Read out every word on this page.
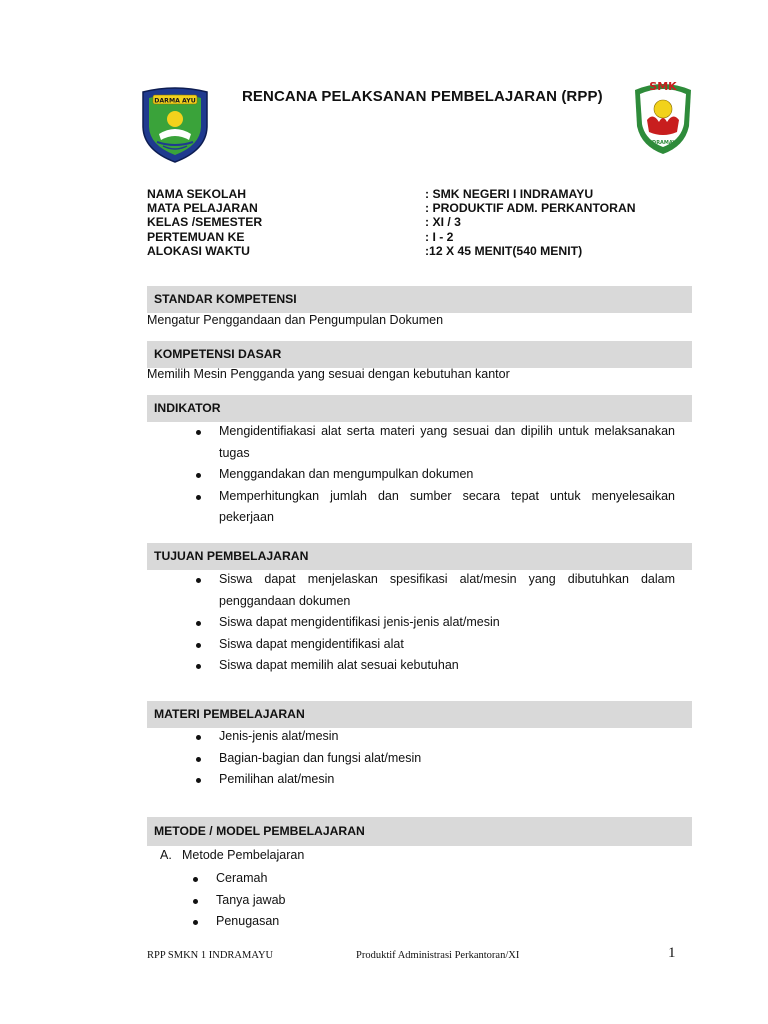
DARMA AYU	RENCANA PELAKSANAN PEMBELAJARAN (RPP)
SMK
INDRAMAYU
NAMA SEKOLAH	: SMK NEGERI I INDRAMAYU
MATA PELAJARAN	: PRODUKTIF ADM. PERKANTORAN
KELAS /SEMESTER	: XI / 3
PERTEMUAN KE	: I - 2
ALOKASI WAKTU	:12 X 45 MENIT(540 MENIT)
STANDAR KOMPETENSI
Mengatur Penggandaan dan Pengumpulan Dokumen
KOMPETENSI DASAR
Memilih Mesin Pengganda yang sesuai dengan kebutuhan kantor
INDIKATOR
Mengidentifiakasi alat serta materi yang sesuai dan dipilih untuk melaksanakan tugas
Menggandakan dan mengumpulkan dokumen
Memperhitungkan jumlah dan sumber secara tepat untuk menyelesaikan pekerjaan
TUJUAN PEMBELAJARAN
Siswa dapat menjelaskan spesifikasi alat/mesin yang dibutuhkan dalam penggandaan dokumen
Siswa dapat mengidentifikasi jenis-jenis alat/mesin
Siswa dapat mengidentifikasi alat
Siswa dapat memilih alat sesuai kebutuhan
MATERI PEMBELAJARAN
Jenis-jenis alat/mesin
Bagian-bagian dan fungsi alat/mesin
Pemilihan alat/mesin
METODE / MODEL PEMBELAJARAN
A. Metode Pembelajaran
Ceramah
Tanya jawab
Penugasan
RPP SMKN 1 INDRAMAYU	Produktif Administrasi Perkantoran/XI	1
